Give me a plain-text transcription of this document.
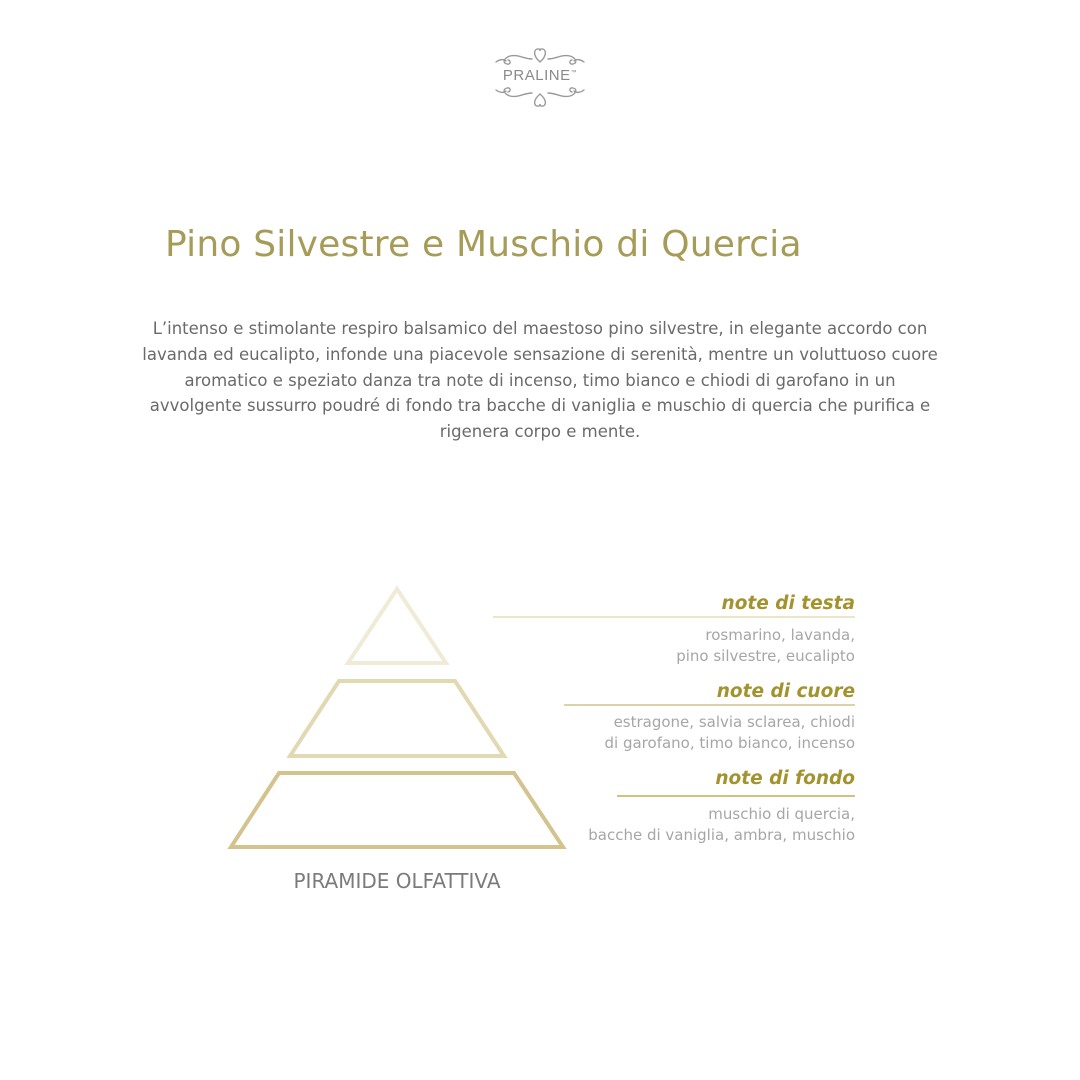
PRALINE™
Pino Silvestre e Muschio di Quercia

L’intenso e stimolante respiro balsamico del maestoso pino silvestre, in elegante accordo con lavanda ed eucalipto, infonde una piacevole sensazione di serenità, mentre un voluttuoso cuore aromatico e speziato danza tra note di incenso, timo bianco e chiodi di garofano in un avvolgente sussurro poudré di fondo tra bacche di vaniglia e muschio di quercia che purifica e rigenera corpo e mente.

PIRAMIDE OLFATTIVA
note di testa

rosmarino, lavanda,
pino silvestre, eucalipto

note di cuore

estragone, salvia sclarea, chiodi
di garofano, timo bianco, incenso

note di fondo

muschio di quercia,
bacche di vaniglia, ambra, muschio
